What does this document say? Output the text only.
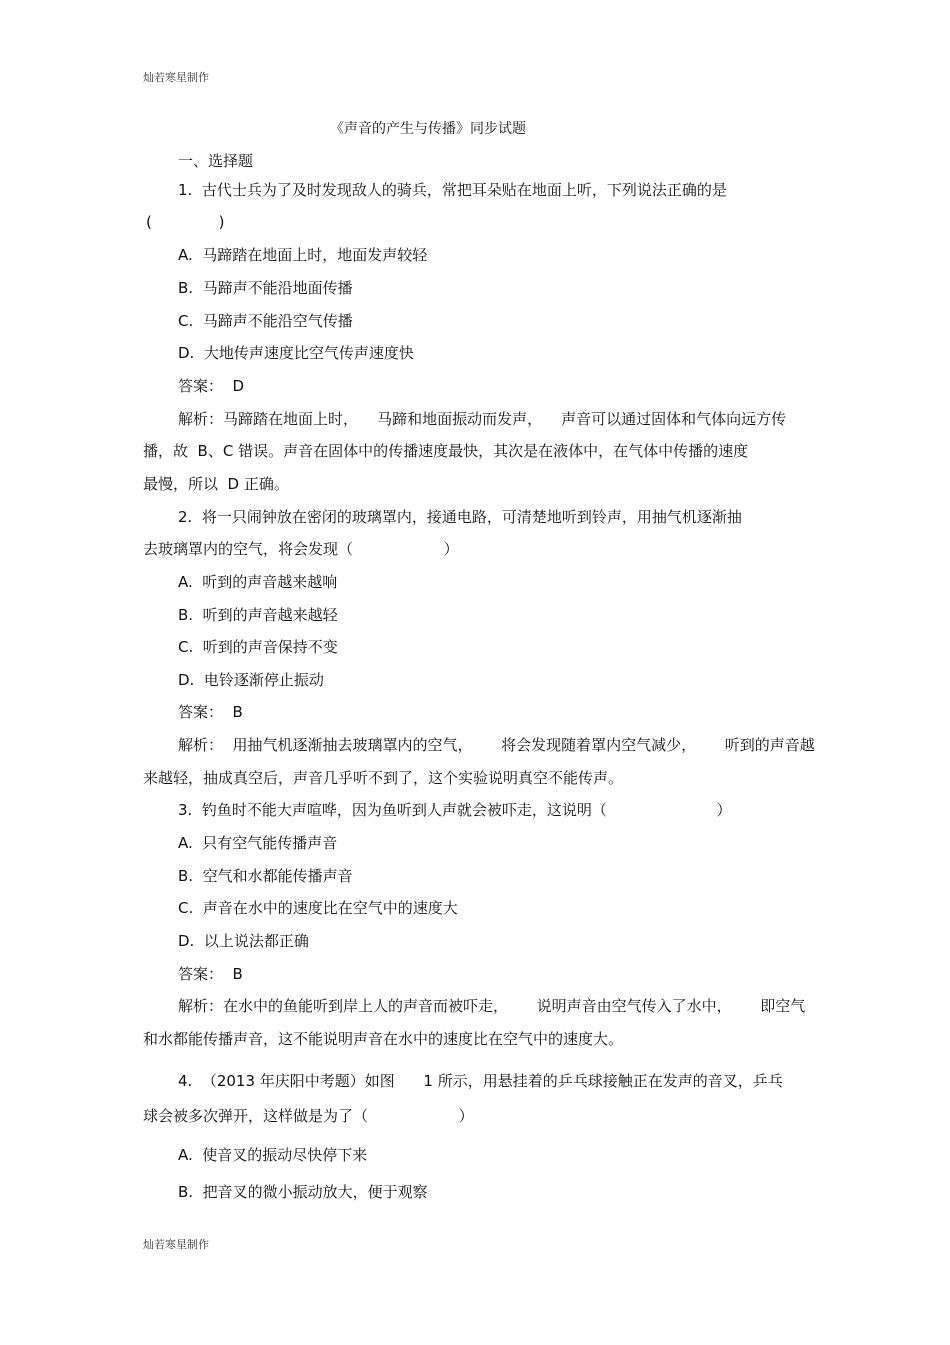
灿若寒星制作
《声音的产生与传播》同步试题
一、选择题
1.  古代士兵为了及时发现敌人的骑兵，常把耳朵贴在地面上听，下列说法正确的是
(              )
A.  马蹄踏在地面上时，地面发声较轻
B.  马蹄声不能沿地面传播
C.  马蹄声不能沿空气传播
D.  大地传声速度比空气传声速度快
答案：  D
解析：马蹄踏在地面上时，    马蹄和地面振动而发声，    声音可以通过固体和气体向远方传
播，故  B、C 错误。声音在固体中的传播速度最快，其次是在液体中，在气体中传播的速度
最慢，所以  D 正确。
2.  将一只闹钟放在密闭的玻璃罩内，接通电路，可清楚地听到铃声，用抽气机逐渐抽
去玻璃罩内的空气，将会发现（                   ）
A.  听到的声音越来越响
B.  听到的声音越来越轻
C.  听到的声音保持不变
D.  电铃逐渐停止振动
答案：  B
解析：  用抽气机逐渐抽去玻璃罩内的空气，      将会发现随着罩内空气减少，      听到的声音越
来越轻，抽成真空后，声音几乎听不到了，这个实验说明真空不能传声。
3.  钓鱼时不能大声喧哗，因为鱼听到人声就会被吓走，这说明（                       ）
A.  只有空气能传播声音
B.  空气和水都能传播声音
C.  声音在水中的速度比在空气中的速度大
D.  以上说法都正确
答案：  B
解析：在水中的鱼能听到岸上人的声音而被吓走，      说明声音由空气传入了水中，      即空气
和水都能传播声音，这不能说明声音在水中的速度比在空气中的速度大。
4.  （2013 年庆阳中考题）如图      1 所示，用悬挂着的乒乓球接触正在发声的音叉，乒乓
球会被多次弹开，这样做是为了（                   ）
A.  使音叉的振动尽快停下来
B.  把音叉的微小振动放大，便于观察
灿若寒星制作
